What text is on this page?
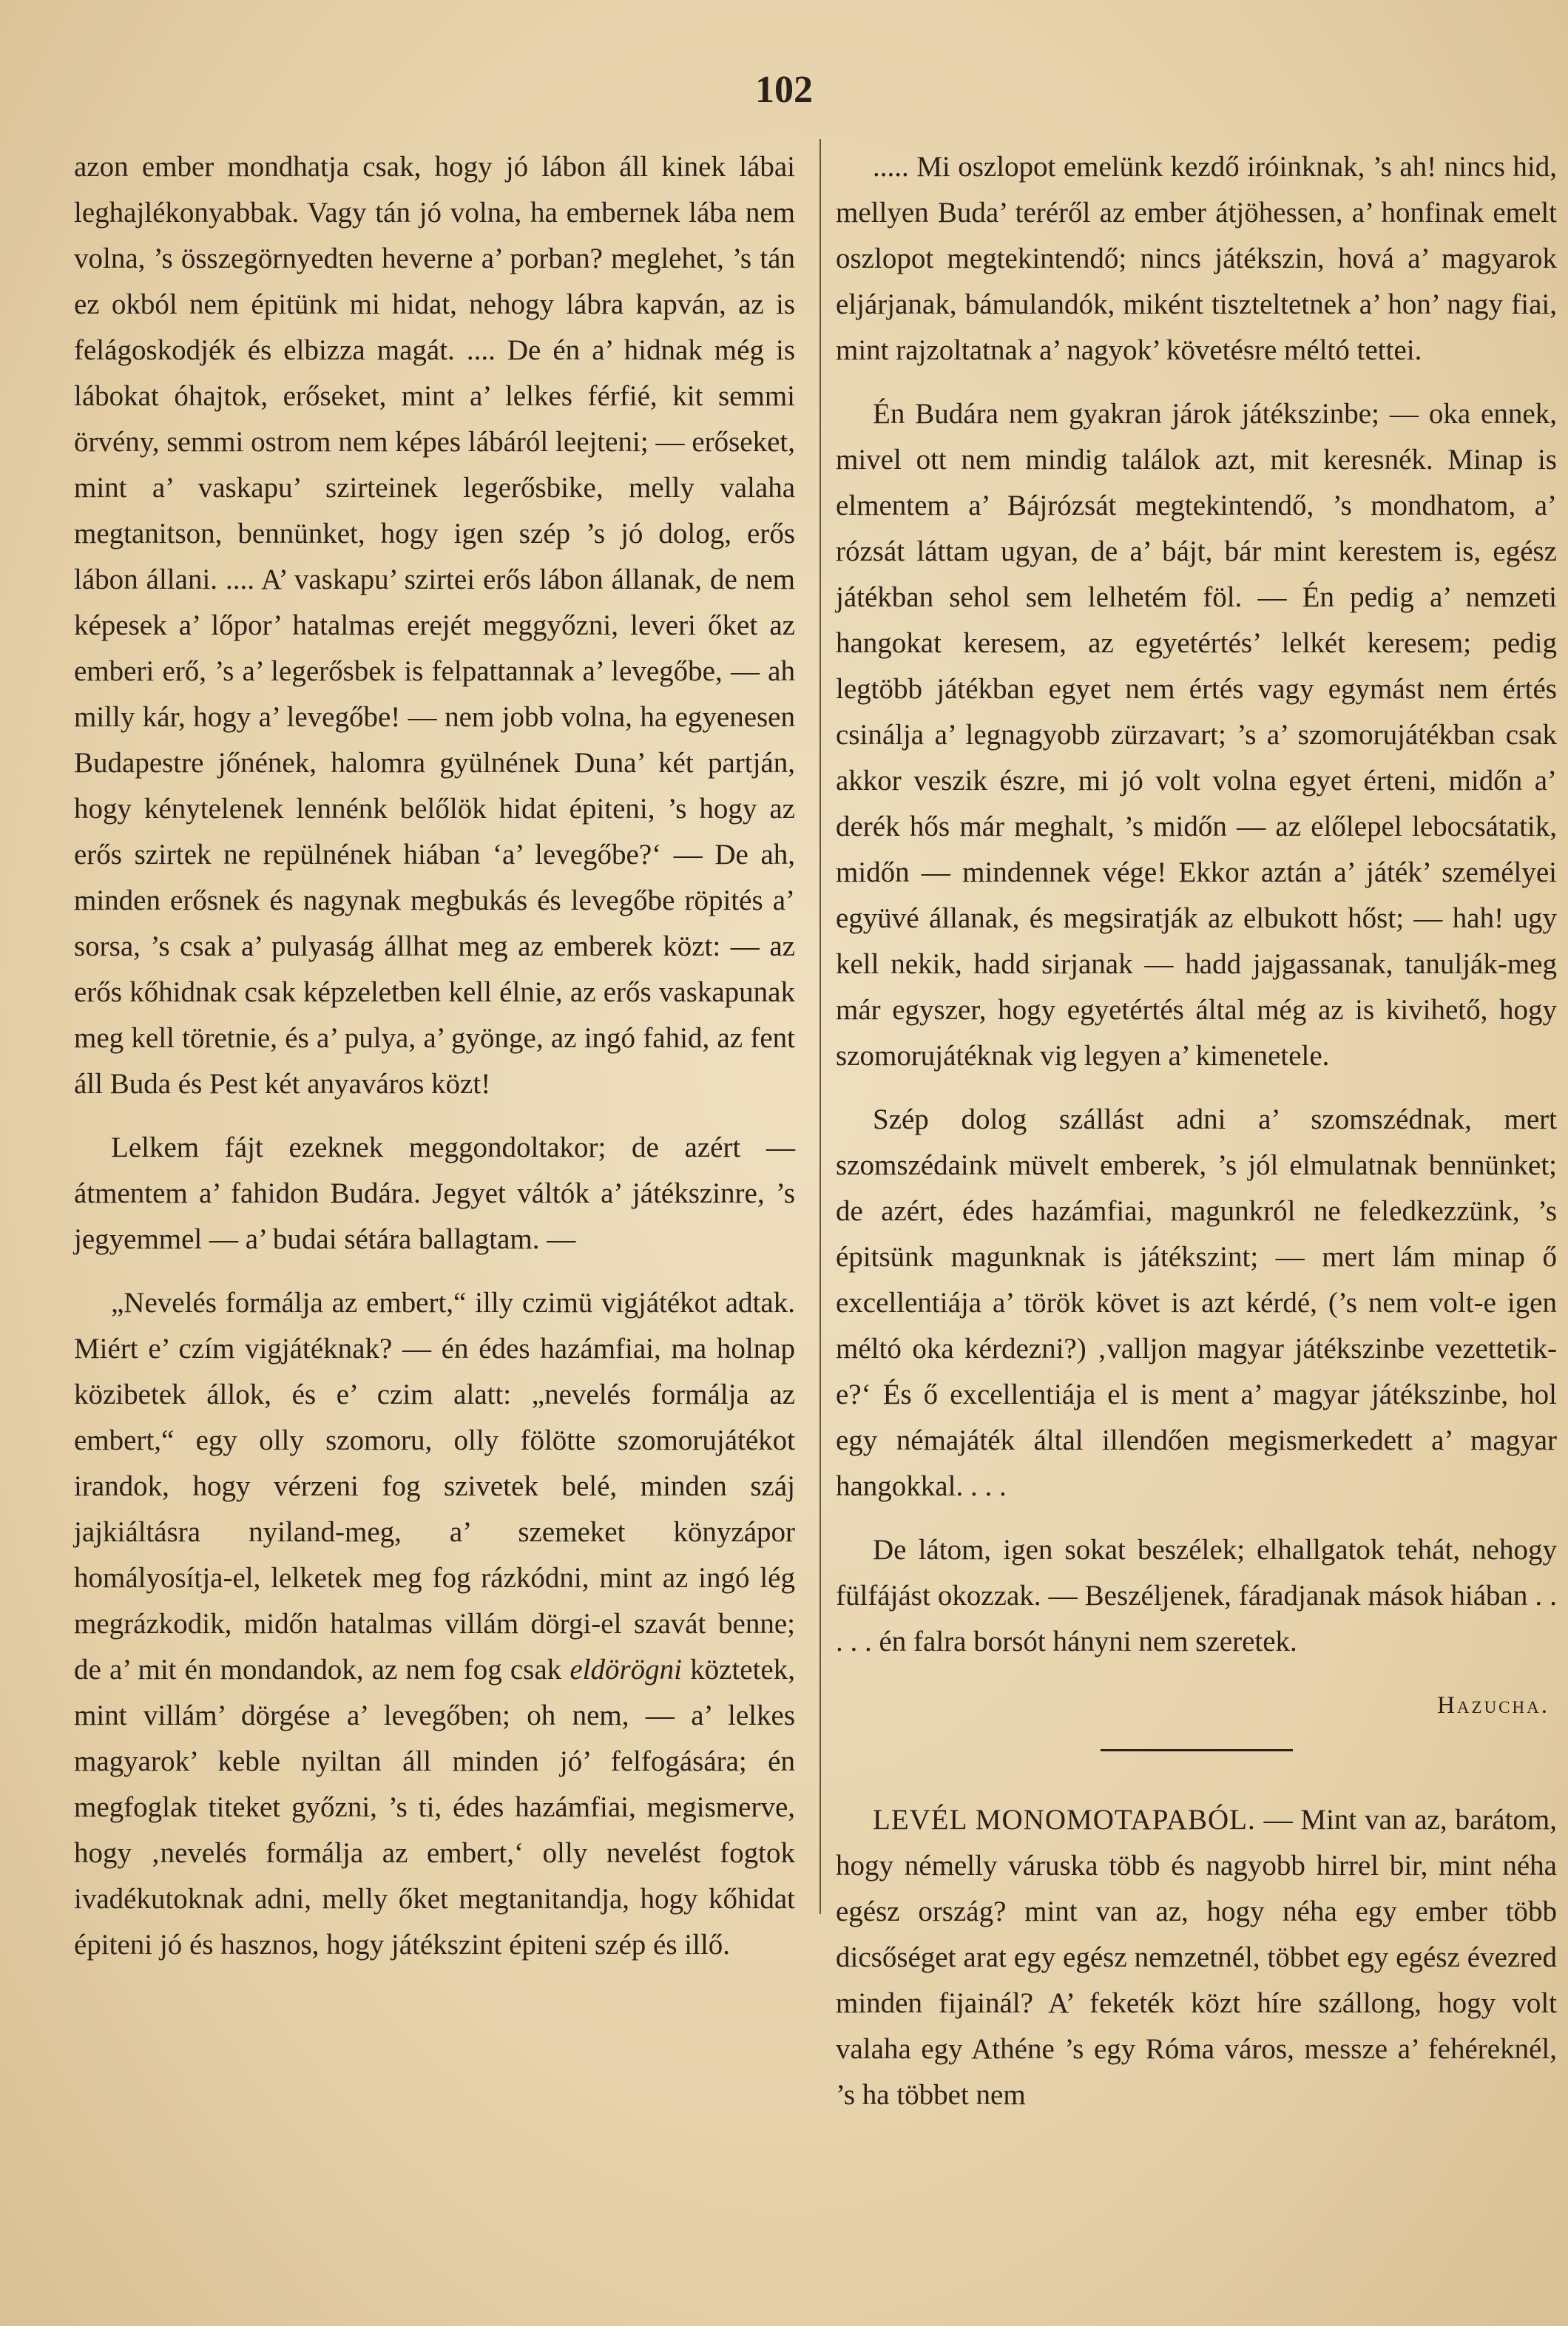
102

azon ember mondhatja csak, hogy jó lábon áll kinek lábai leghajlékonyabbak. Vagy tán jó volna, ha embernek lába nem volna, ’s összegörnyedten heverne a’ porban? meglehet, ’s tán ez okból nem épitünk mi hidat, nehogy lábra kapván, az is felágoskodjék és elbizza magát. .... De én a’ hidnak még is lábokat óhajtok, erőseket, mint a’ lelkes férfié, kit semmi örvény, semmi ostrom nem képes lábáról leejteni; — erőseket, mint a’ vaskapu’ szirteinek legerősbike, melly valaha megtanitson, bennünket, hogy igen szép ’s jó dolog, erős lábon állani. .... A’ vaskapu’ szirtei erős lábon állanak, de nem képesek a’ lőpor’ hatalmas erejét meggyőzni, leveri őket az emberi erő, ’s a’ legerősbek is felpattannak a’ levegőbe, — ah milly kár, hogy a’ levegőbe! — nem jobb volna, ha egyenesen Budapestre jőnének, halomra gyülnének Duna’ két partján, hogy kénytelenek lennénk belőlök hidat épiteni, ’s hogy az erős szirtek ne repülnének hiában ‘a’ levegőbe?‘ — De ah, minden erősnek és nagynak megbukás és levegőbe röpités a’ sorsa, ’s csak a’ pulyaság állhat meg az emberek közt: — az erős kőhidnak csak képzeletben kell élnie, az erős vaskapunak meg kell töretnie, és a’ pulya, a’ gyönge, az ingó fahid, az fent áll Buda és Pest két anyaváros közt!

Lelkem fájt ezeknek meggondoltakor; de azért — átmentem a’ fahidon Budára. Jegyet váltók a’ játékszinre, ’s jegyemmel — a’ budai sétára ballagtam. —

„Nevelés formálja az embert,“ illy czimü vigjátékot adtak. Miért e’ czím vigjátéknak? — én édes hazámfiai, ma holnap közibetek állok, és e’ czim alatt: „nevelés formálja az embert,“ egy olly szomoru, olly fölötte szomorujátékot irandok, hogy vérzeni fog szivetek belé, minden száj jajkiáltásra nyiland-meg, a’ szemeket könyzápor homályosítja-el, lelketek meg fog rázkódni, mint az ingó lég megrázkodik, midőn hatalmas villám dörgi-el szavát benne; de a’ mit én mondandok, az nem fog csak eldörögni köztetek, mint villám’ dörgése a’ levegőben; oh nem, — a’ lelkes magyarok’ keble nyiltan áll minden jó’ felfogására; én megfoglak titeket győzni, ’s ti, édes hazámfiai, megismerve, hogy ‚nevelés formálja az embert,‘ olly nevelést fogtok ivadékutoknak adni, melly őket megtanitandja, hogy kőhidat épiteni jó és hasznos, hogy játékszint épiteni szép és illő.

..... Mi oszlopot emelünk kezdő iróinknak, ’s ah! nincs hid, mellyen Buda’ teréről az ember átjöhessen, a’ honfinak emelt oszlopot megtekintendő; nincs játékszin, hová a’ magyarok eljárjanak, bámulandók, miként tiszteltetnek a’ hon’ nagy fiai, mint rajzoltatnak a’ nagyok’ követésre méltó tettei.

Én Budára nem gyakran járok játékszinbe; — oka ennek, mivel ott nem mindig találok azt, mit keresnék. Minap is elmentem a’ Bájrózsát megtekintendő, ’s mondhatom, a’ rózsát láttam ugyan, de a’ bájt, bár mint kerestem is, egész játékban sehol sem lelhetém föl. — Én pedig a’ nemzeti hangokat keresem, az egyetértés’ lelkét keresem; pedig legtöbb játékban egyet nem értés vagy egymást nem értés csinálja a’ legnagyobb zürzavart; ’s a’ szomorujátékban csak akkor veszik észre, mi jó volt volna egyet érteni, midőn a’ derék hős már meghalt, ’s midőn — az előlepel lebocsátatik, midőn — mindennek vége! Ekkor aztán a’ játék’ személyei együvé állanak, és megsiratják az elbukott hőst; — hah! ugy kell nekik, hadd sirjanak — hadd jajgassanak, tanulják-meg már egyszer, hogy egyetértés által még az is kivihető, hogy szomorujátéknak vig legyen a’ kimenetele.

Szép dolog szállást adni a’ szomszédnak, mert szomszédaink müvelt emberek, ’s jól elmulatnak bennünket; de azért, édes hazámfiai, magunkról ne feledkezzünk, ’s épitsünk magunknak is játékszint; — mert lám minap ő excellentiája a’ török követ is azt kérdé, (’s nem volt-e igen méltó oka kérdezni?) ‚valljon magyar játékszinbe vezettetik-e?‘ És ő excellentiája el is ment a’ magyar játékszinbe, hol egy némajáték által illendően megismerkedett a’ magyar hangokkal. . . .

De látom, igen sokat beszélek; elhallgatok tehát, nehogy fülfájást okozzak. — Beszéljenek, fáradjanak mások hiában . . . . . én falra borsót hányni nem szeretek.

Hazucha.

LEVÉL MONOMOTAPABÓL. — Mint van az, barátom, hogy némelly váruska több és nagyobb hirrel bir, mint néha egész ország? mint van az, hogy néha egy ember több dicsőséget arat egy egész nemzetnél, többet egy egész évezred minden fijainál? A’ feketék közt híre szállong, hogy volt valaha egy Athéne ’s egy Róma város, messze a’ fehéreknél, ’s ha többet nem
